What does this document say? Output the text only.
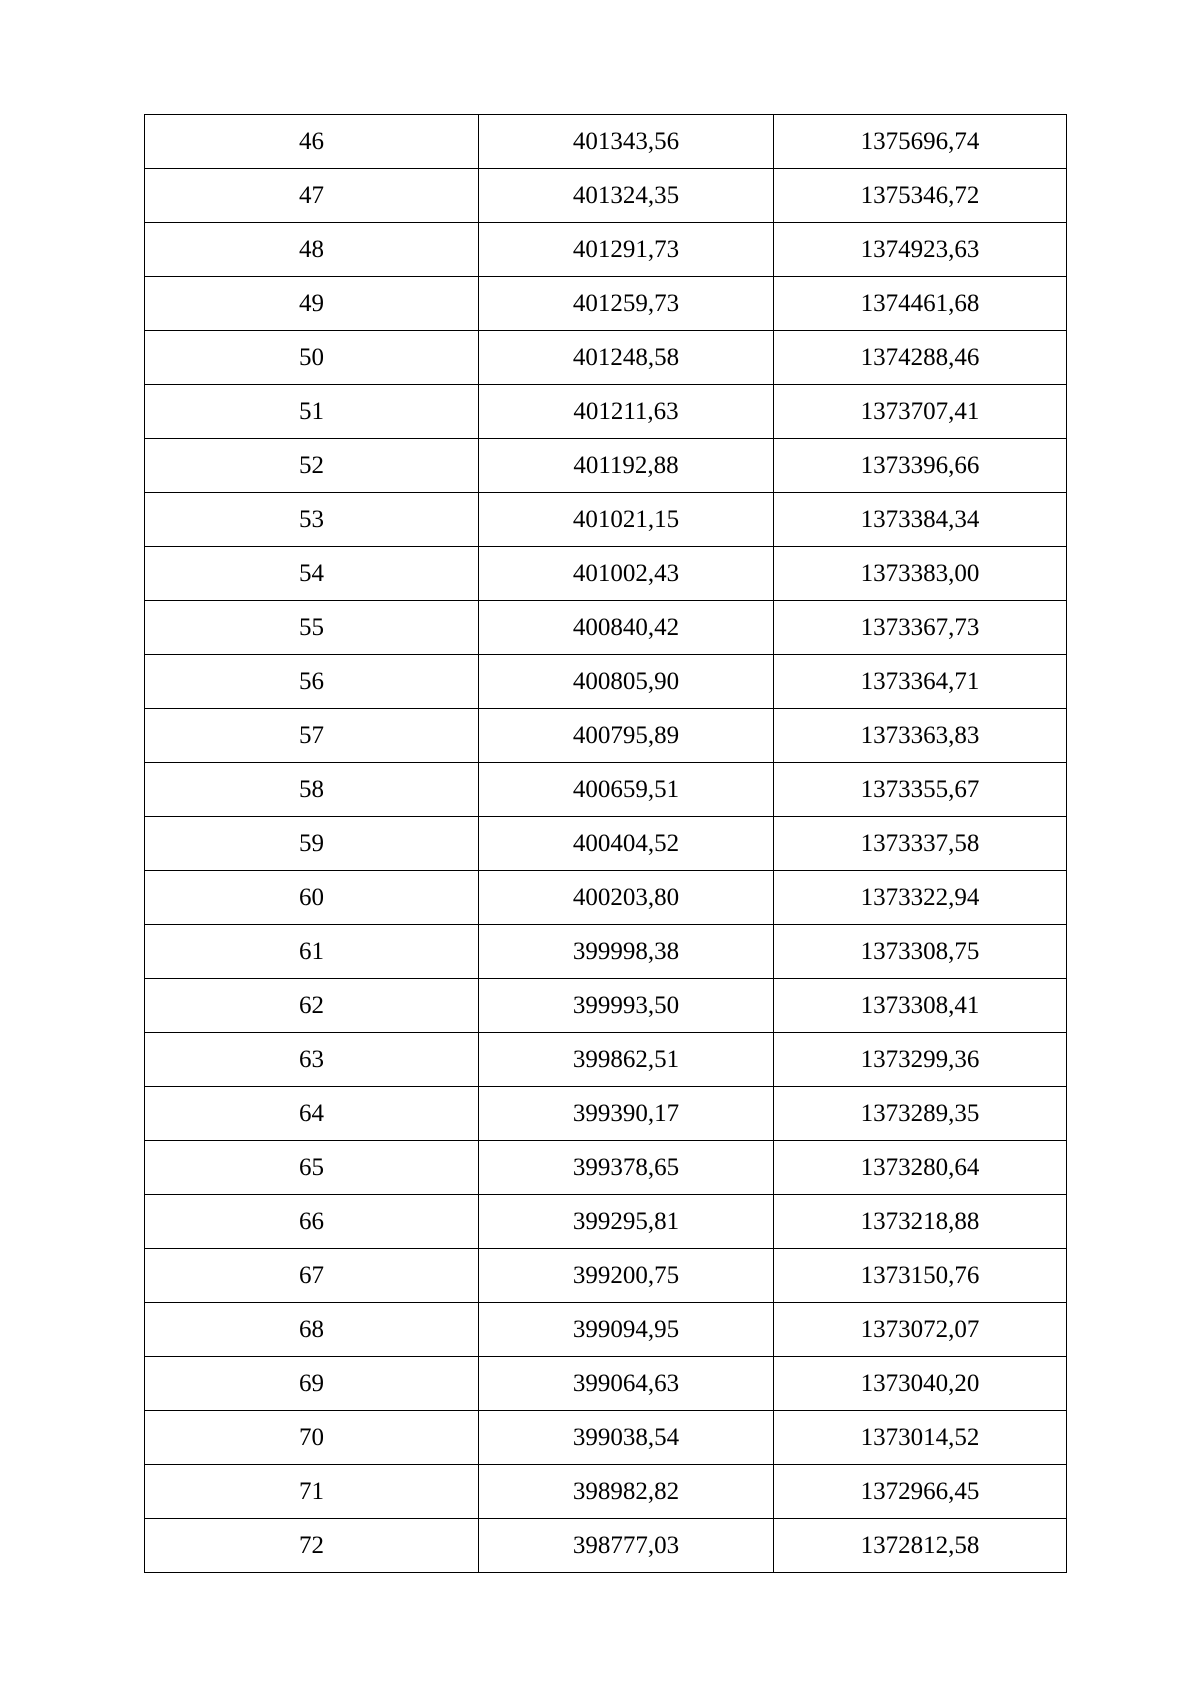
46	401343,56	1375696,74
47	401324,35	1375346,72
48	401291,73	1374923,63
49	401259,73	1374461,68
50	401248,58	1374288,46
51	401211,63	1373707,41
52	401192,88	1373396,66
53	401021,15	1373384,34
54	401002,43	1373383,00
55	400840,42	1373367,73
56	400805,90	1373364,71
57	400795,89	1373363,83
58	400659,51	1373355,67
59	400404,52	1373337,58
60	400203,80	1373322,94
61	399998,38	1373308,75
62	399993,50	1373308,41
63	399862,51	1373299,36
64	399390,17	1373289,35
65	399378,65	1373280,64
66	399295,81	1373218,88
67	399200,75	1373150,76
68	399094,95	1373072,07
69	399064,63	1373040,20
70	399038,54	1373014,52
71	398982,82	1372966,45
72	398777,03	1372812,58
